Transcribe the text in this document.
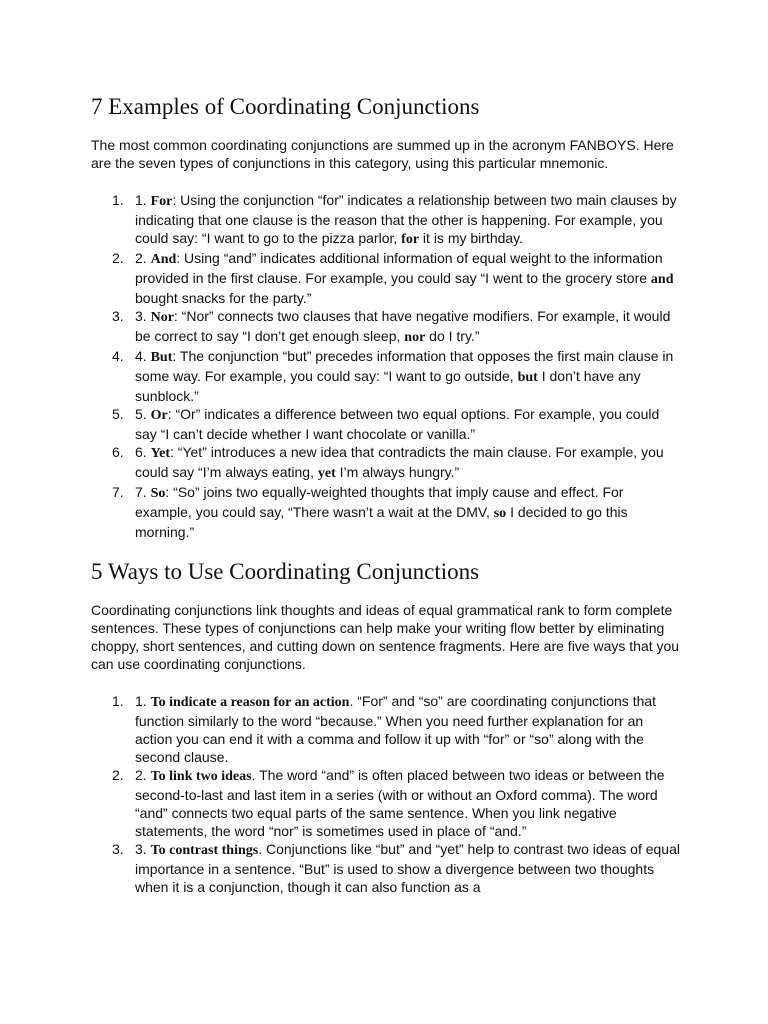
7 Examples of Coordinating Conjunctions

The most common coordinating conjunctions are summed up in the acronym FANBOYS. Here are the seven types of conjunctions in this category, using this particular mnemonic.

1. 1. For: Using the conjunction “for” indicates a relationship between two main clauses by indicating that one clause is the reason that the other is happening. For example, you could say: “I want to go to the pizza parlor, for it is my birthday.
2. 2. And: Using “and” indicates additional information of equal weight to the information provided in the first clause. For example, you could say “I went to the grocery store and bought snacks for the party.”
3. 3. Nor: “Nor” connects two clauses that have negative modifiers. For example, it would be correct to say “I don’t get enough sleep, nor do I try.”
4. 4. But: The conjunction “but” precedes information that opposes the first main clause in some way. For example, you could say: “I want to go outside, but I don’t have any sunblock.”
5. 5. Or: “Or” indicates a difference between two equal options. For example, you could say “I can’t decide whether I want chocolate or vanilla.”
6. 6. Yet: “Yet” introduces a new idea that contradicts the main clause. For example, you could say “I’m always eating, yet I’m always hungry.”
7. 7. So: “So” joins two equally-weighted thoughts that imply cause and effect. For example, you could say, “There wasn’t a wait at the DMV, so I decided to go this morning.”
5 Ways to Use Coordinating Conjunctions

Coordinating conjunctions link thoughts and ideas of equal grammatical rank to form complete sentences. These types of conjunctions can help make your writing flow better by eliminating choppy, short sentences, and cutting down on sentence fragments. Here are five ways that you can use coordinating conjunctions.

1. 1. To indicate a reason for an action. “For” and “so” are coordinating conjunctions that function similarly to the word “because.” When you need further explanation for an action you can end it with a comma and follow it up with “for” or “so” along with the second clause.
2. 2. To link two ideas. The word “and” is often placed between two ideas or between the second-to-last and last item in a series (with or without an Oxford comma). The word “and” connects two equal parts of the same sentence. When you link negative statements, the word “nor” is sometimes used in place of “and.”
3. 3. To contrast things. Conjunctions like “but” and “yet” help to contrast two ideas of equal importance in a sentence. “But” is used to show a divergence between two thoughts when it is a conjunction, though it can also function as a
